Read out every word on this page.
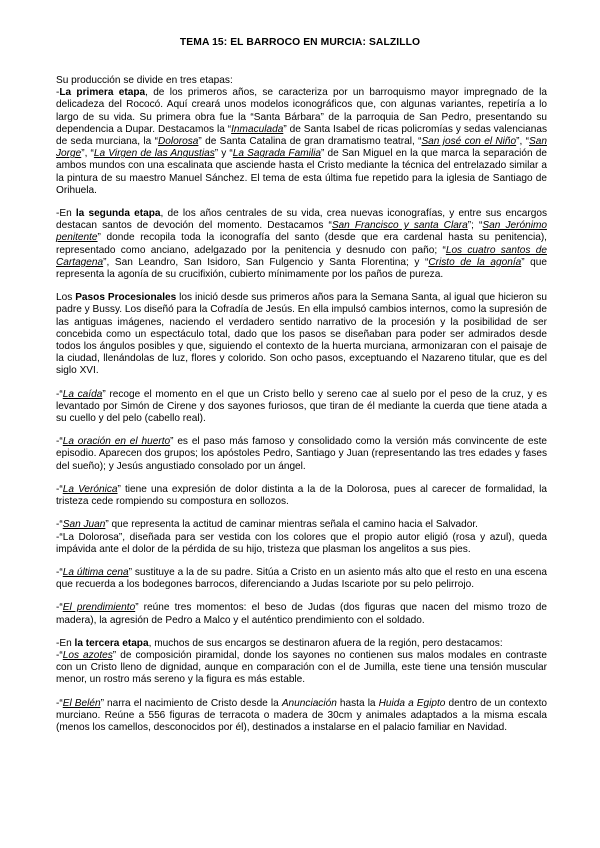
TEMA 15: EL BARROCO EN MURCIA: SALZILLO

Su producción se divide en tres etapas:

-La primera etapa, de los primeros años, se caracteriza por un barroquismo mayor impregnado de la delicadeza del Rococó. Aquí creará unos modelos iconográficos que, con algunas variantes, repetiría a lo largo de su vida. Su primera obra fue la “Santa Bárbara” de la parroquia de San Pedro, presentando su dependencia a Dupar. Destacamos la “Inmaculada” de Santa Isabel de ricas policromías y sedas valencianas de seda murciana, la “Dolorosa” de Santa Catalina de gran dramatismo teatral, “San josé con el Niño”, “San Jorge”, “La Virgen de las Angustias” y “La Sagrada Familia” de San Miguel en la que marca la separación de ambos mundos con una escalinata que asciende hasta el Cristo mediante la técnica del entrelazado similar a la pintura de su maestro Manuel Sánchez. El tema de esta última fue repetido para la iglesia de Santiago de Orihuela.

-En la segunda etapa, de los años centrales de su vida, crea nuevas iconografías, y entre sus encargos destacan santos de devoción del momento. Destacamos “San Francisco y santa Clara”; “San Jerónimo penitente” donde recopila toda la iconografía del santo (desde que era cardenal hasta su penitencia), representado como anciano, adelgazado por la penitencia y desnudo con paño; “Los cuatro santos de Cartagena”, San Leandro, San Isidoro, San Fulgencio y Santa Florentina; y “Cristo de la agonía” que representa la agonía de su crucifixión, cubierto mínimamente por los paños de pureza.

Los Pasos Procesionales los inició desde sus primeros años para la Semana Santa, al igual que hicieron su padre y Bussy. Los diseñó para la Cofradía de Jesús. En ella impulsó cambios internos, como la supresión de las antiguas imágenes, naciendo el verdadero sentido narrativo de la procesión y la posibilidad de ser concebida como un espectáculo total, dado que los pasos se diseñaban para poder ser admirados desde todos los ángulos posibles y que, siguiendo el contexto de la huerta murciana, armonizaran con el paisaje de la ciudad, llenándolas de luz, flores y colorido. Son ocho pasos, exceptuando el Nazareno titular, que es del siglo XVI.

-“La caída” recoge el momento en el que un Cristo bello y sereno cae al suelo por el peso de la cruz, y es levantado por Simón de Cirene y dos sayones furiosos, que tiran de él mediante la cuerda que tiene atada a su cuello y del pelo (cabello real).

-“La oración en el huerto” es el paso más famoso y consolidado como la versión más convincente de este episodio. Aparecen dos grupos; los apóstoles Pedro, Santiago y Juan (representando las tres edades y fases del sueño); y Jesús angustiado consolado por un ángel.

-“La Verónica” tiene una expresión de dolor distinta a la de la Dolorosa, pues al carecer de formalidad, la tristeza cede rompiendo su compostura en sollozos.

-“San Juan” que representa la actitud de caminar mientras señala el camino hacia el Salvador.

-“La Dolorosa”, diseñada para ser vestida con los colores que el propio autor eligió (rosa y azul), queda impávida ante el dolor de la pérdida de su hijo, tristeza que plasman los angelitos a sus pies.

-“La última cena” sustituye a la de su padre. Sitúa a Cristo en un asiento más alto que el resto en una escena que recuerda a los bodegones barrocos, diferenciando a Judas Iscariote por su pelo pelirrojo.

-“El prendimiento” reúne tres momentos: el beso de Judas (dos figuras que nacen del mismo trozo de madera), la agresión de Pedro a Malco y el auténtico prendimiento con el soldado.

-En la tercera etapa, muchos de sus encargos se destinaron afuera de la región, pero destacamos:

-“Los azotes” de composición piramidal, donde los sayones no contienen sus malos modales en contraste con un Cristo lleno de dignidad, aunque en comparación con el de Jumilla, este tiene una tensión muscular menor, un rostro más sereno y la figura es más estable.

-“El Belén” narra el nacimiento de Cristo desde la Anunciación hasta la Huida a Egipto dentro de un contexto murciano. Reúne a 556 figuras de terracota o madera de 30cm y animales adaptados a la misma escala (menos los camellos, desconocidos por él), destinados a instalarse en el palacio familiar en Navidad.
